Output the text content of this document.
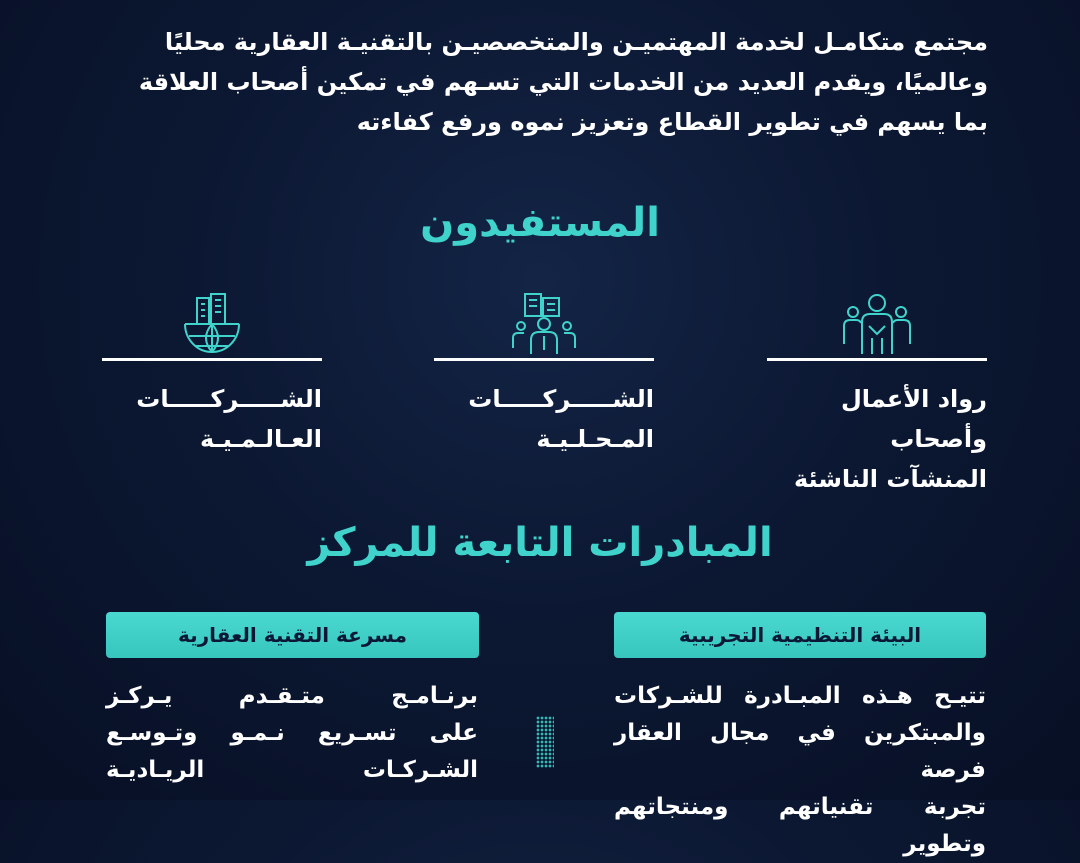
مجتمع متكامـل لخدمة المهتميـن والمتخصصيـن بالتقنيـة العقارية محليًا

وعالميًا، ويقدم العديد من الخدمات التي تسـهم في تمكين أصحاب العلاقة

بما يسهم في تطوير القطاع وتعزيز نموه ورفع كفاءته

المستفيدون
رواد الأعمال وأصحاب
المنشآت الناشئة
الشـــــركـــــات
المـحـلـيـة
الشـــــركـــــات
العـالـمـيـة
المبادرات التابعة للمركز
البيئة التنظيمية التجريبية
مسرعة التقنية العقارية
تتيـح هـذه المبـادرة للشـركات
والمبتكرين في مجال العقار فرصة
تجربة تقنياتهم ومنتجاتهم وتطوير
برنـامـج متـقـدم يـركـز
على تسـريع نـمـو وتـوسـع
الشـركـات الريـاديـة
